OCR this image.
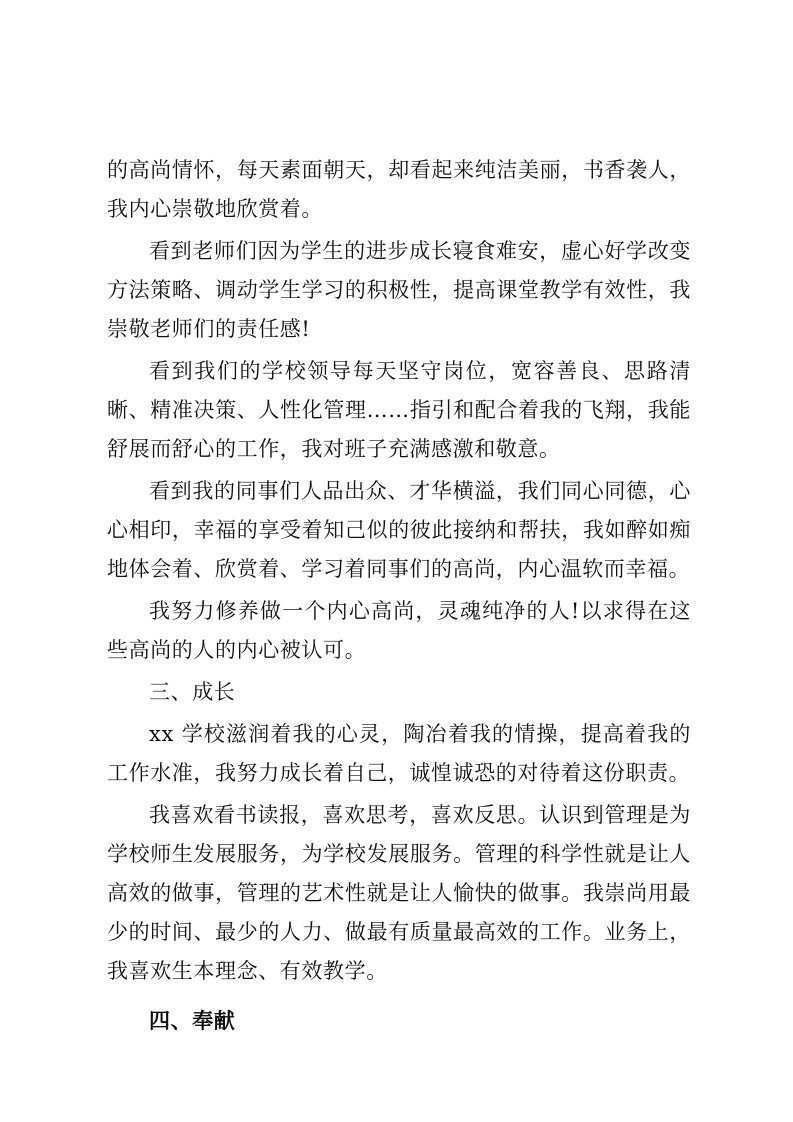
的高尚情怀，每天素面朝天，却看起来纯洁美丽，书香袭人，我内心崇敬地欣赏着。

看到老师们因为学生的进步成长寝食难安，虚心好学改变方法策略、调动学生学习的积极性，提高课堂教学有效性，我崇敬老师们的责任感!

看到我们的学校领导每天坚守岗位，宽容善良、思路清晰、精准决策、人性化管理……指引和配合着我的飞翔，我能舒展而舒心的工作，我对班子充满感激和敬意。

看到我的同事们人品出众、才华横溢，我们同心同德，心心相印，幸福的享受着知己似的彼此接纳和帮扶，我如醉如痴地体会着、欣赏着、学习着同事们的高尚，内心温软而幸福。

我努力修养做一个内心高尚，灵魂纯净的人!以求得在这些高尚的人的内心被认可。

三、成长

xx 学校滋润着我的心灵，陶冶着我的情操，提高着我的工作水准，我努力成长着自己，诚惶诚恐的对待着这份职责。

我喜欢看书读报，喜欢思考，喜欢反思。认识到管理是为学校师生发展服务，为学校发展服务。管理的科学性就是让人高效的做事，管理的艺术性就是让人愉快的做事。我崇尚用最少的时间、最少的人力、做最有质量最高效的工作。业务上，我喜欢生本理念、有效教学。

四、奉献
